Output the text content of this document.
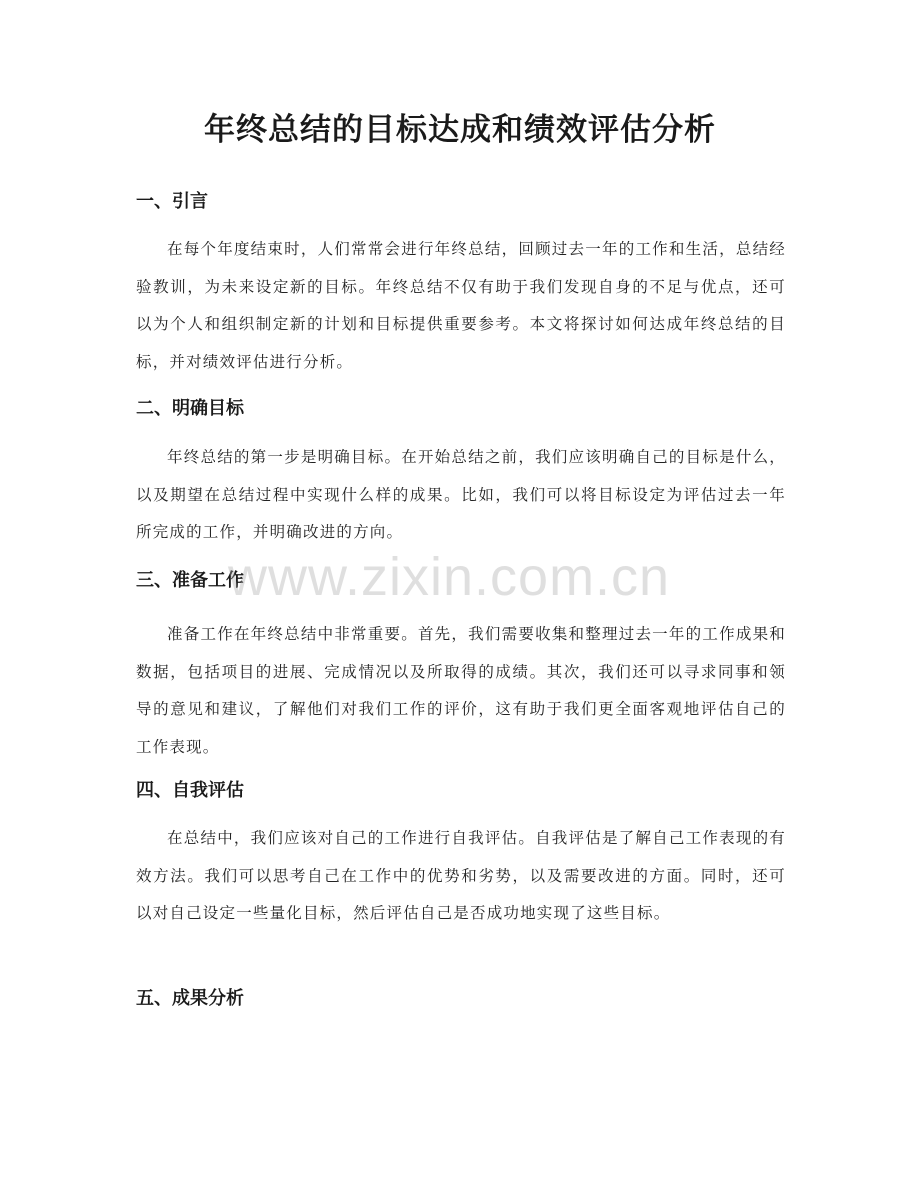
年终总结的目标达成和绩效评估分析
一、引言

在每个年度结束时，人们常常会进行年终总结，回顾过去一年的工作和生活，总结经验教训，为未来设定新的目标。年终总结不仅有助于我们发现自身的不足与优点，还可以为个人和组织制定新的计划和目标提供重要参考。本文将探讨如何达成年终总结的目标，并对绩效评估进行分析。

二、明确目标

年终总结的第一步是明确目标。在开始总结之前，我们应该明确自己的目标是什么，以及期望在总结过程中实现什么样的成果。比如，我们可以将目标设定为评估过去一年所完成的工作，并明确改进的方向。

三、准备工作

准备工作在年终总结中非常重要。首先，我们需要收集和整理过去一年的工作成果和数据，包括项目的进展、完成情况以及所取得的成绩。其次，我们还可以寻求同事和领导的意见和建议，了解他们对我们工作的评价，这有助于我们更全面客观地评估自己的工作表现。

四、自我评估

在总结中，我们应该对自己的工作进行自我评估。自我评估是了解自己工作表现的有效方法。我们可以思考自己在工作中的优势和劣势，以及需要改进的方面。同时，还可以对自己设定一些量化目标，然后评估自己是否成功地实现了这些目标。

五、成果分析
www.zixin.com.cn
